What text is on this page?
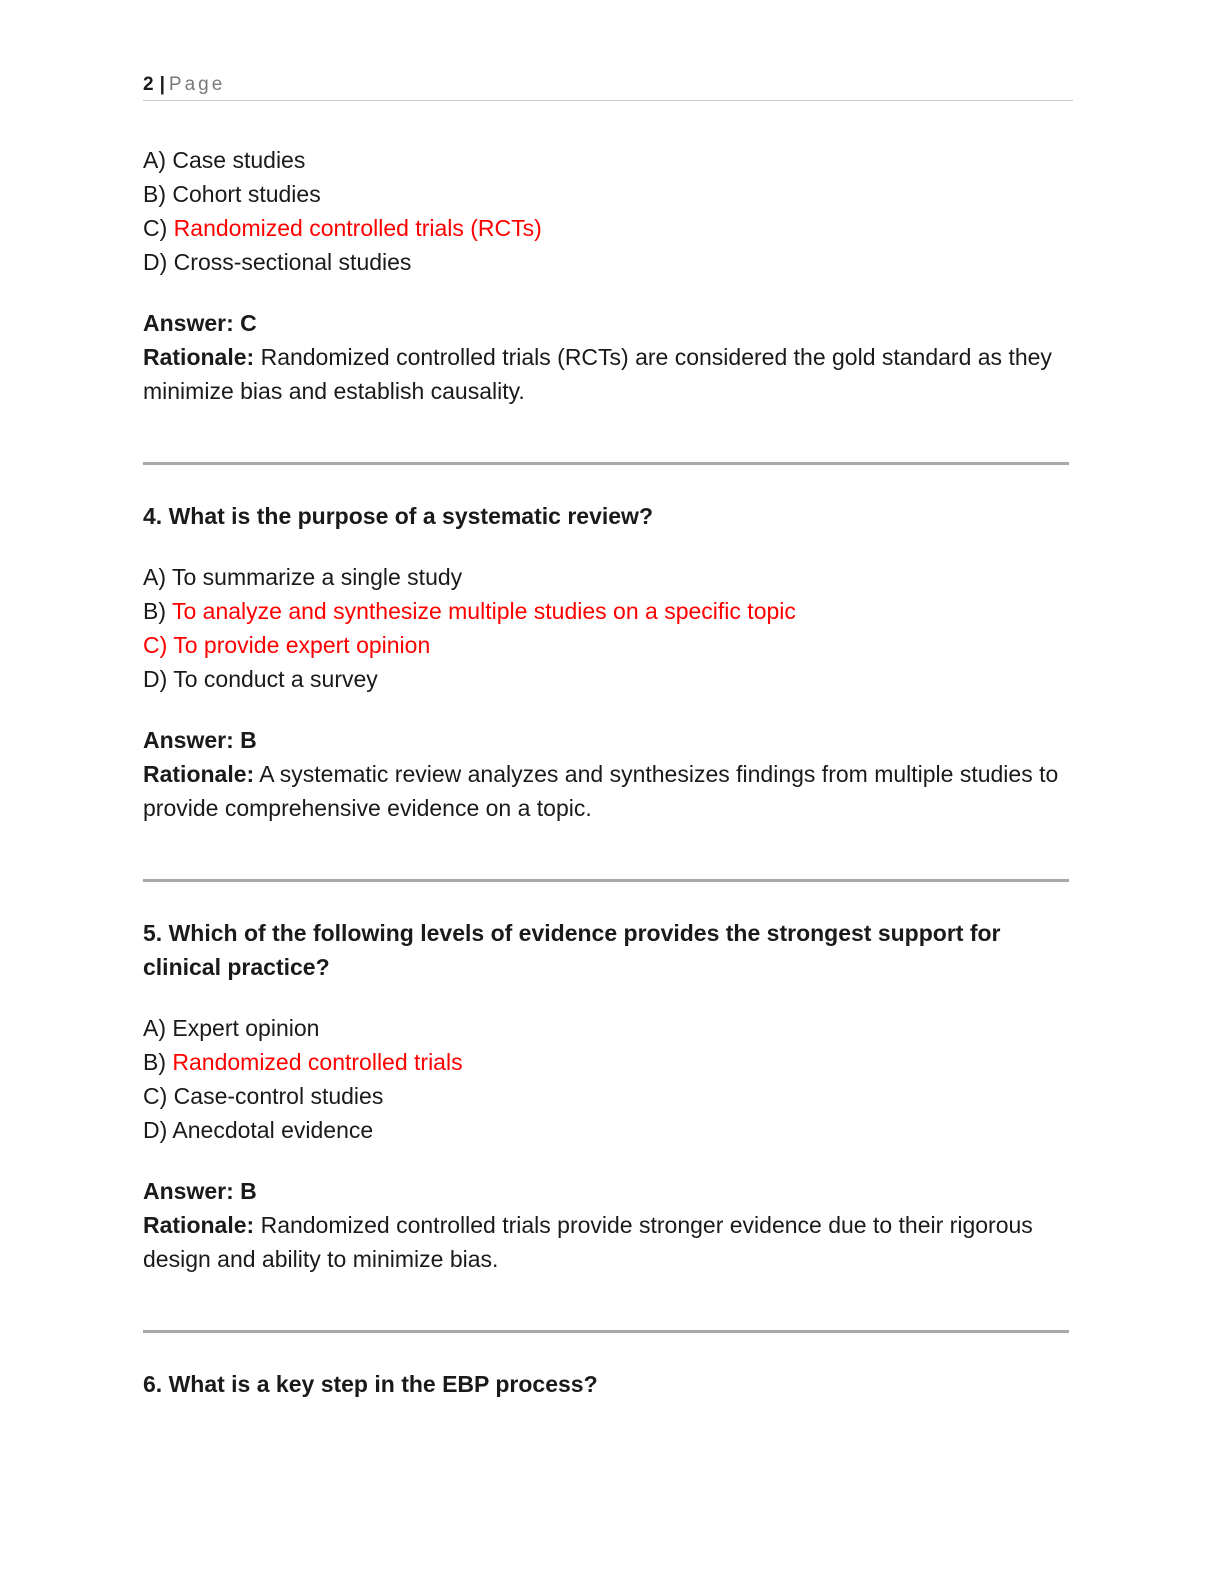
2 | Page

A) Case studies

B) Cohort studies

C) Randomized controlled trials (RCTs)

D) Cross-sectional studies

Answer: C

Rationale: Randomized controlled trials (RCTs) are considered the gold standard as they minimize bias and establish causality.

4. What is the purpose of a systematic review?

A) To summarize a single study

B) To analyze and synthesize multiple studies on a specific topic

C) To provide expert opinion

D) To conduct a survey

Answer: B

Rationale: A systematic review analyzes and synthesizes findings from multiple studies to provide comprehensive evidence on a topic.

5. Which of the following levels of evidence provides the strongest support for clinical practice?

A) Expert opinion

B) Randomized controlled trials

C) Case-control studies

D) Anecdotal evidence

Answer: B

Rationale: Randomized controlled trials provide stronger evidence due to their rigorous design and ability to minimize bias.

6. What is a key step in the EBP process?
